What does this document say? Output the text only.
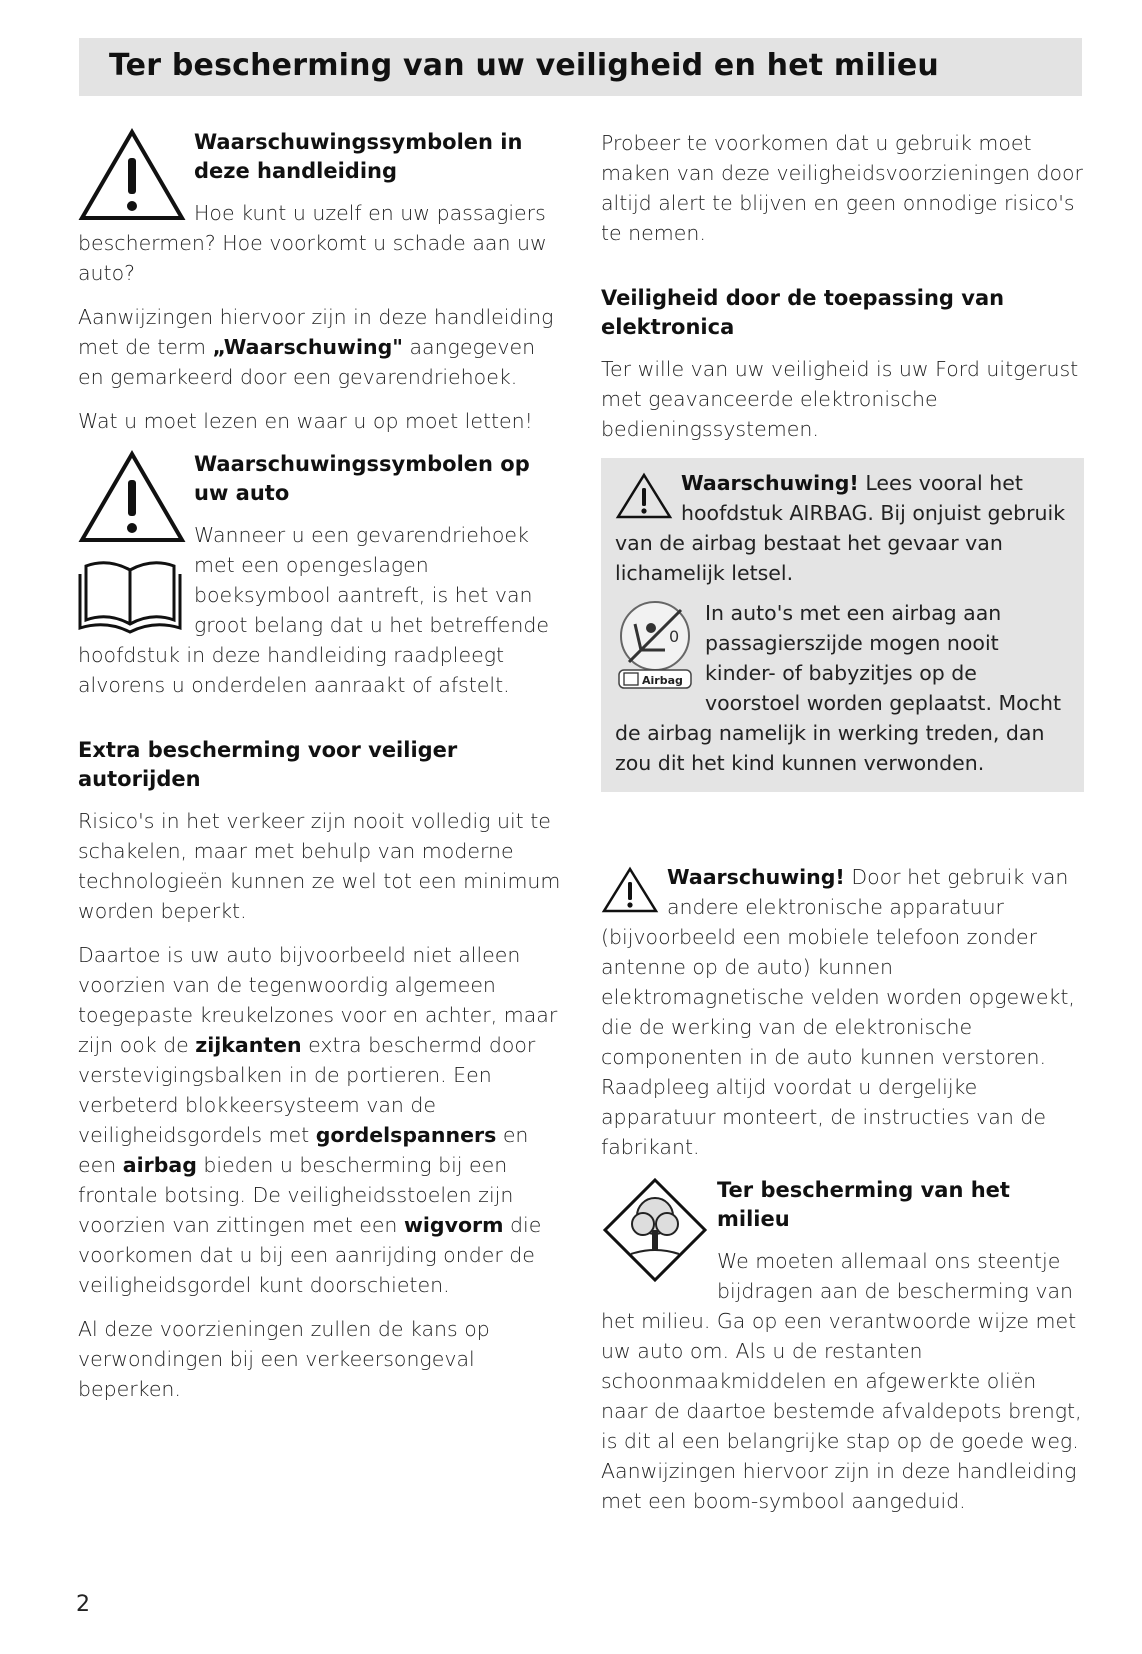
Ter bescherming van uw veiligheid en het milieu
Waarschuwingssymbolen in deze handleiding

Hoe kunt u uzelf en uw passagiers beschermen? Hoe voorkomt u schade aan uw auto?

Aanwijzingen hiervoor zijn in deze handleiding met de term „Waarschuwing" aangegeven en gemarkeerd door een gevarendriehoek.

Wat u moet lezen en waar u op moet letten!

Waarschuwingssymbolen op uw auto

Wanneer u een gevarendriehoek met een opengeslagen boeksymbool aantreft, is het van groot belang dat u het betreffende hoofdstuk in deze handleiding raadpleegt alvorens u onderdelen aanraakt of afstelt.

Extra bescherming voor veiliger autorijden

Risico's in het verkeer zijn nooit volledig uit te schakelen, maar met behulp van moderne technologieën kunnen ze wel tot een minimum worden beperkt.

Daartoe is uw auto bijvoorbeeld niet alleen voorzien van de tegenwoordig algemeen toegepaste kreukelzones voor en achter, maar zijn ook de zijkanten extra beschermd door verstevigingsbalken in de portieren. Een verbeterd blokkeersysteem van de veiligheidsgordels met gordelspanners en een airbag bieden u bescherming bij een frontale botsing. De veiligheidsstoelen zijn voorzien van zittingen met een wigvorm die voorkomen dat u bij een aanrijding onder de veiligheidsgordel kunt doorschieten.

Al deze voorzieningen zullen de kans op verwondingen bij een verkeersongeval beperken.

Probeer te voorkomen dat u gebruik moet maken van deze veiligheidsvoorzieningen door altijd alert te blijven en geen onnodige risico's te nemen.

Veiligheid door de toepassing van elektronica

Ter wille van uw veiligheid is uw Ford uitgerust met geavanceerde elektronische bedieningssystemen.

Waarschuwing! Lees vooral het hoofdstuk AIRBAG. Bij onjuist gebruik van de airbag bestaat het gevaar van lichamelijk letsel.

0
Airbag
In auto's met een airbag aan passagierszijde mogen nooit kinder- of babyzitjes op de voorstoel worden geplaatst. Mocht de airbag namelijk in werking treden, dan zou dit het kind kunnen verwonden.

Waarschuwing! Door het gebruik van andere elektronische apparatuur (bijvoorbeeld een mobiele telefoon zonder antenne op de auto) kunnen elektromagnetische velden worden opgewekt, die de werking van de elektronische componenten in de auto kunnen verstoren. Raadpleeg altijd voordat u dergelijke apparatuur monteert, de instructies van de fabrikant.

Ter bescherming van het milieu

We moeten allemaal ons steentje bijdragen aan de bescherming van het milieu. Ga op een verantwoorde wijze met uw auto om. Als u de restanten schoonmaakmiddelen en afgewerkte oliën naar de daartoe bestemde afvaldepots brengt, is dit al een belangrijke stap op de goede weg. Aanwijzingen hiervoor zijn in deze handleiding met een boom-symbool aangeduid.

2
